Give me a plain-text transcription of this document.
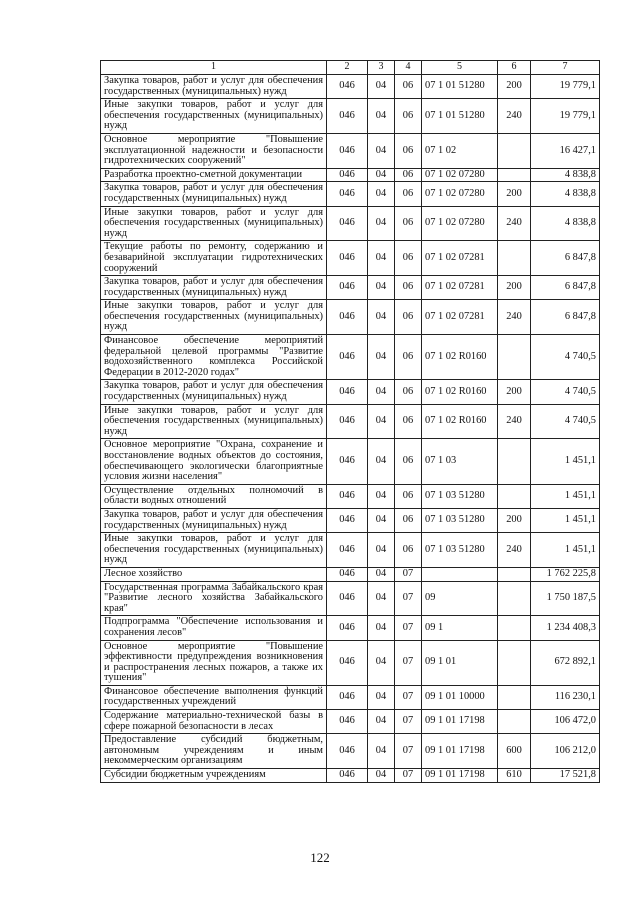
1	2	3	4	5	6	7
Закупка товаров, работ и услуг для обеспечения государственных (муниципальных) нужд	046	04	06	07 1 01 51280	200	19 779,1
Иные закупки товаров, работ и услуг для обеспечения государственных (муниципальных) нужд	046	04	06	07 1 01 51280	240	19 779,1
Основное мероприятие "Повышение эксплуатационной надежности и безопасности гидротехнических сооружений"	046	04	06	07 1 02		16 427,1
Разработка проектно-сметной документации	046	04	06	07 1 02 07280		4 838,8
Закупка товаров, работ и услуг для обеспечения государственных (муниципальных) нужд	046	04	06	07 1 02 07280	200	4 838,8
Иные закупки товаров, работ и услуг для обеспечения государственных (муниципальных) нужд	046	04	06	07 1 02 07280	240	4 838,8
Текущие работы по ремонту, содержанию и безаварийной эксплуатации гидротехнических сооружений	046	04	06	07 1 02 07281		6 847,8
Закупка товаров, работ и услуг для обеспечения государственных (муниципальных) нужд	046	04	06	07 1 02 07281	200	6 847,8
Иные закупки товаров, работ и услуг для обеспечения государственных (муниципальных) нужд	046	04	06	07 1 02 07281	240	6 847,8
Финансовое обеспечение мероприятий федеральной целевой программы "Развитие водохозяйственного комплекса Российской Федерации в 2012-2020 годах"	046	04	06	07 1 02 R0160		4 740,5
Закупка товаров, работ и услуг для обеспечения государственных (муниципальных) нужд	046	04	06	07 1 02 R0160	200	4 740,5
Иные закупки товаров, работ и услуг для обеспечения государственных (муниципальных) нужд	046	04	06	07 1 02 R0160	240	4 740,5
Основное мероприятие "Охрана, сохранение и восстановление водных объектов до состояния, обеспечивающего экологически благоприятные условия жизни населения"	046	04	06	07 1 03		1 451,1
Осуществление отдельных полномочий в области водных отношений	046	04	06	07 1 03 51280		1 451,1
Закупка товаров, работ и услуг для обеспечения государственных (муниципальных) нужд	046	04	06	07 1 03 51280	200	1 451,1
Иные закупки товаров, работ и услуг для обеспечения государственных (муниципальных) нужд	046	04	06	07 1 03 51280	240	1 451,1
Лесное хозяйство	046	04	07			1 762 225,8
Государственная программа Забайкальского края "Развитие лесного хозяйства Забайкальского края"	046	04	07	09		1 750 187,5
Подпрограмма "Обеспечение использования и сохранения лесов"	046	04	07	09 1		1 234 408,3
Основное мероприятие "Повышение эффективности предупреждения возникновения и распространения лесных пожаров, а также их тушения"	046	04	07	09 1 01		672 892,1
Финансовое обеспечение выполнения функций государственных учреждений	046	04	07	09 1 01 10000		116 230,1
Содержание материально-технической базы в сфере пожарной безопасности в лесах	046	04	07	09 1 01 17198		106 472,0
Предоставление субсидий бюджетным, автономным учреждениям и иным некоммерческим организациям	046	04	07	09 1 01 17198	600	106 212,0
Субсидии бюджетным учреждениям	046	04	07	09 1 01 17198	610	17 521,8
122
